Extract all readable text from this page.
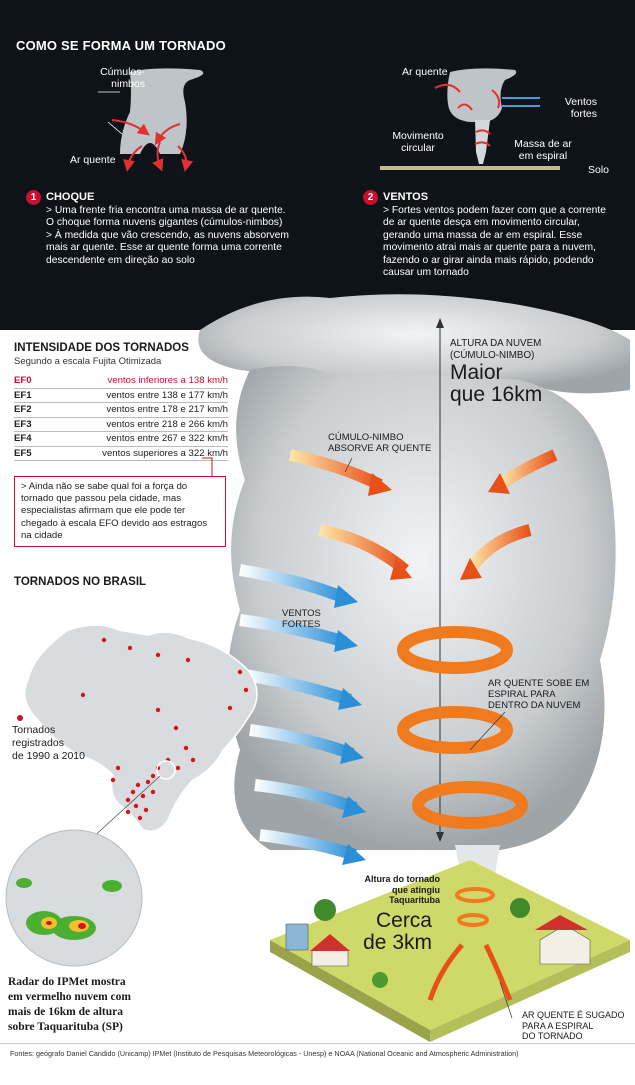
COMO SE FORMA UM TORNADO
Cúmulos-
nimbos
Ar quente
Ar quente
Ventos
fortes
Movimento
circular	Massa de ar
em espiral
Solo
1 CHOQUE
> Uma frente fria encontra uma massa de ar quente. O choque forma nuvens gigantes (cúmulos-nimbos)
> À medida que vão crescendo, as nuvens absorvem mais ar quente. Esse ar quente forma uma corrente descendente em direção ao solo
2 VENTOS
> Fortes ventos podem fazer com que a corrente de ar quente desça em movimento circular, gerando uma massa de ar em espiral. Esse movimento atrai mais ar quente para a nuvem, fazendo o ar girar ainda mais rápido, podendo causar um tornado
ALTURA DA NUVEM
(CÚMULO-NIMBO)
Maior
que 16km
CÚMULO-NIMBO
ABSORVE AR QUENTE
VENTOS
FORTES
AR QUENTE SOBE EM
ESPIRAL PARA
DENTRO DA NUVEM
Altura do tornado
que atingiu
Taquarituba
Cerca
de 3km
AR QUENTE É SUGADO
PARA A ESPIRAL
DO TORNADO
INTENSIDADE DOS TORNADOS
Segundo a escala Fujita Otimizada
EF0	ventos inferiores a 138 km/h
EF1	ventos entre 138 e 177 km/h
EF2	ventos entre 178 e 217 km/h
EF3	ventos entre 218 e 266 km/h
EF4	ventos entre 267 e 322 km/h
EF5	ventos superiores a 322 km/h
> Ainda não se sabe qual foi a força do tornado que passou pela cidade, mas especialistas afirmam que ele pode ter chegado à escala EFO devido aos estragos na cidade
TORNADOS NO BRASIL
Tornados
registrados
de 1990 a 2010
Radar do IPMet mostra
em vermelho nuvem com
mais de 16km de altura
sobre Taquarituba (SP)
Fontes: geógrafo Daniel Candido (Unicamp) IPMet (Instituto de Pesquisas Meteorológicas - Unesp) e NOAA (National Oceanic and Atmospheric Administration)
